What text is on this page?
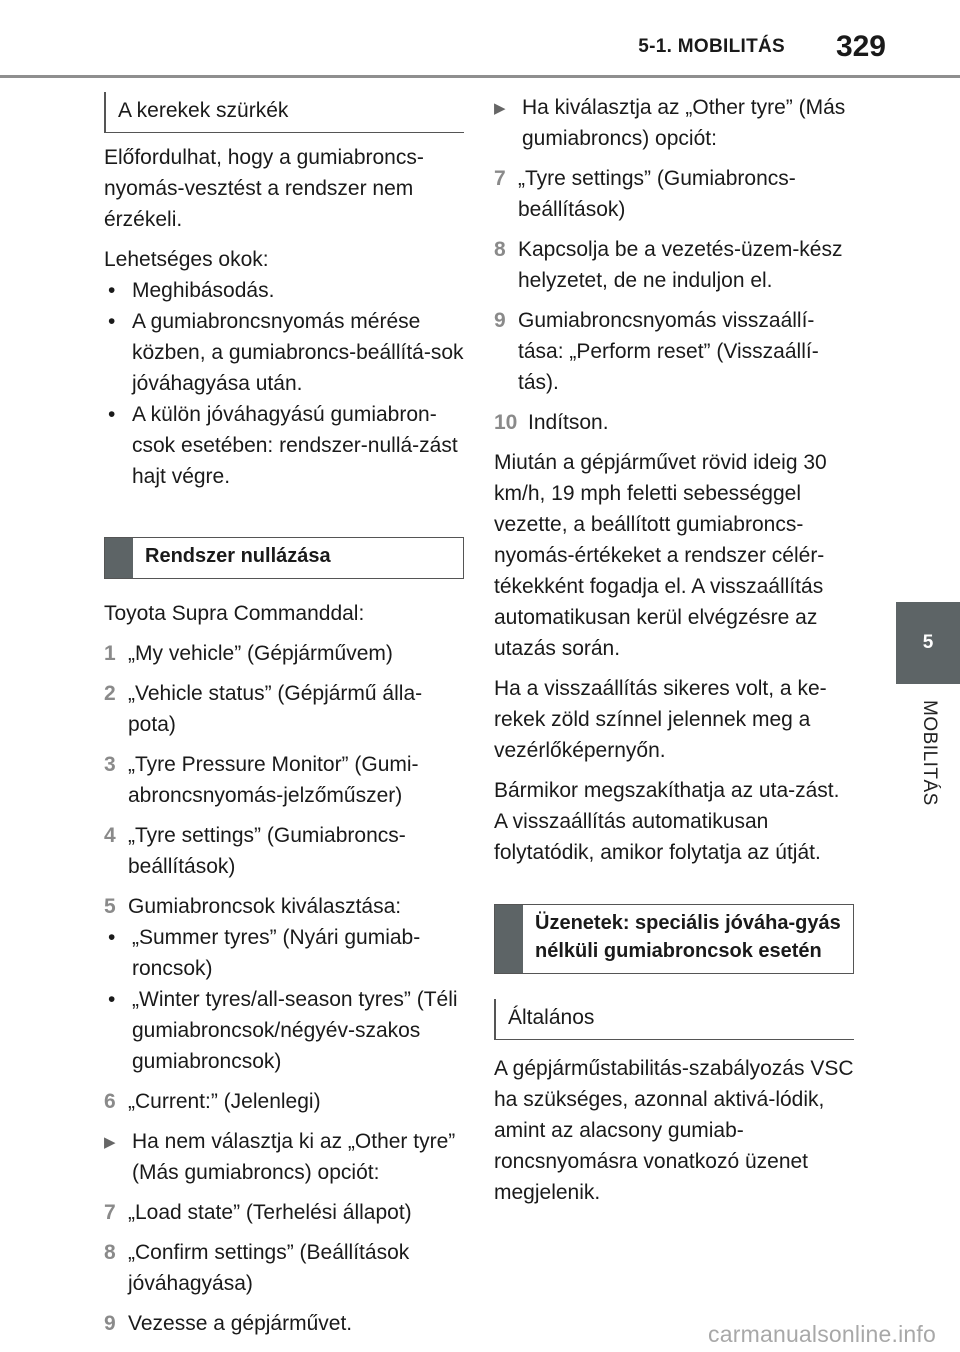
5-1. MOBILITÁS 329
5
MOBILITÁS
A kerekek szürkék

Előfordulhat, hogy a gumiabroncs-nyomás-vesztést a rendszer nem érzékeli.

Lehetséges okok:

• Meghibásodás.
• A gumiabroncsnyomás mérése közben, a gumiabroncs-beállítá-sok jóváhagyása után.
• A külön jóváhagyású gumiabron-csok esetében: rendszer-nullá-zást hajt végre.
Rendszer nullázása

Toyota Supra Commanddal:

1 „My vehicle” (Gépjárművem)
2 „Vehicle status” (Gépjármű álla-pota)
3 „Tyre Pressure Monitor” (Gumi-abroncsnyomás-jelzőműszer)
4 „Tyre settings” (Gumiabroncs-beállítások)
5 Gumiabroncsok kiválasztása:
• „Summer tyres” (Nyári gumiab-roncsok)
• „Winter tyres/all-season tyres” (Téli gumiabroncsok/négyév-szakos gumiabroncsok)
6 „Current:” (Jelenlegi)
▶ Ha nem választja ki az „Other tyre” (Más gumiabroncs) opciót:
7 „Load state” (Terhelési állapot)
8 „Confirm settings” (Beállítások jóváhagyása)
9 Vezesse a gépjárművet.
▶ Ha kiválasztja az „Other tyre” (Más gumiabroncs) opciót:
7 „Tyre settings” (Gumiabroncs-beállítások)
8 Kapcsolja be a vezetés-üzem-kész helyzetet, de ne induljon el.
9 Gumiabroncsnyomás visszaállí-tása: „Perform reset” (Visszaállí-tás).
10 Indítson.

Miután a gépjárművet rövid ideig 30 km/h, 19 mph feletti sebességgel vezette, a beállított gumiabroncs-nyomás-értékeket a rendszer célér-tékekként fogadja el. A visszaállítás automatikusan kerül elvégzésre az utazás során.

Ha a visszaállítás sikeres volt, a ke-rekek zöld színnel jelennek meg a vezérlőképernyőn.

Bármikor megszakíthatja az uta-zást. A visszaállítás automatikusan folytatódik, amikor folytatja az útját.

Üzenetek: speciális jóváha-gyás nélküli gumiabroncsok esetén
Általános

A gépjárműstabilitás-szabályozás VSC ha szükséges, azonnal aktivá-lódik, amint az alacsony gumiab-roncsnyomásra vonatkozó üzenet megjelenik.

carmanualsonline.info
